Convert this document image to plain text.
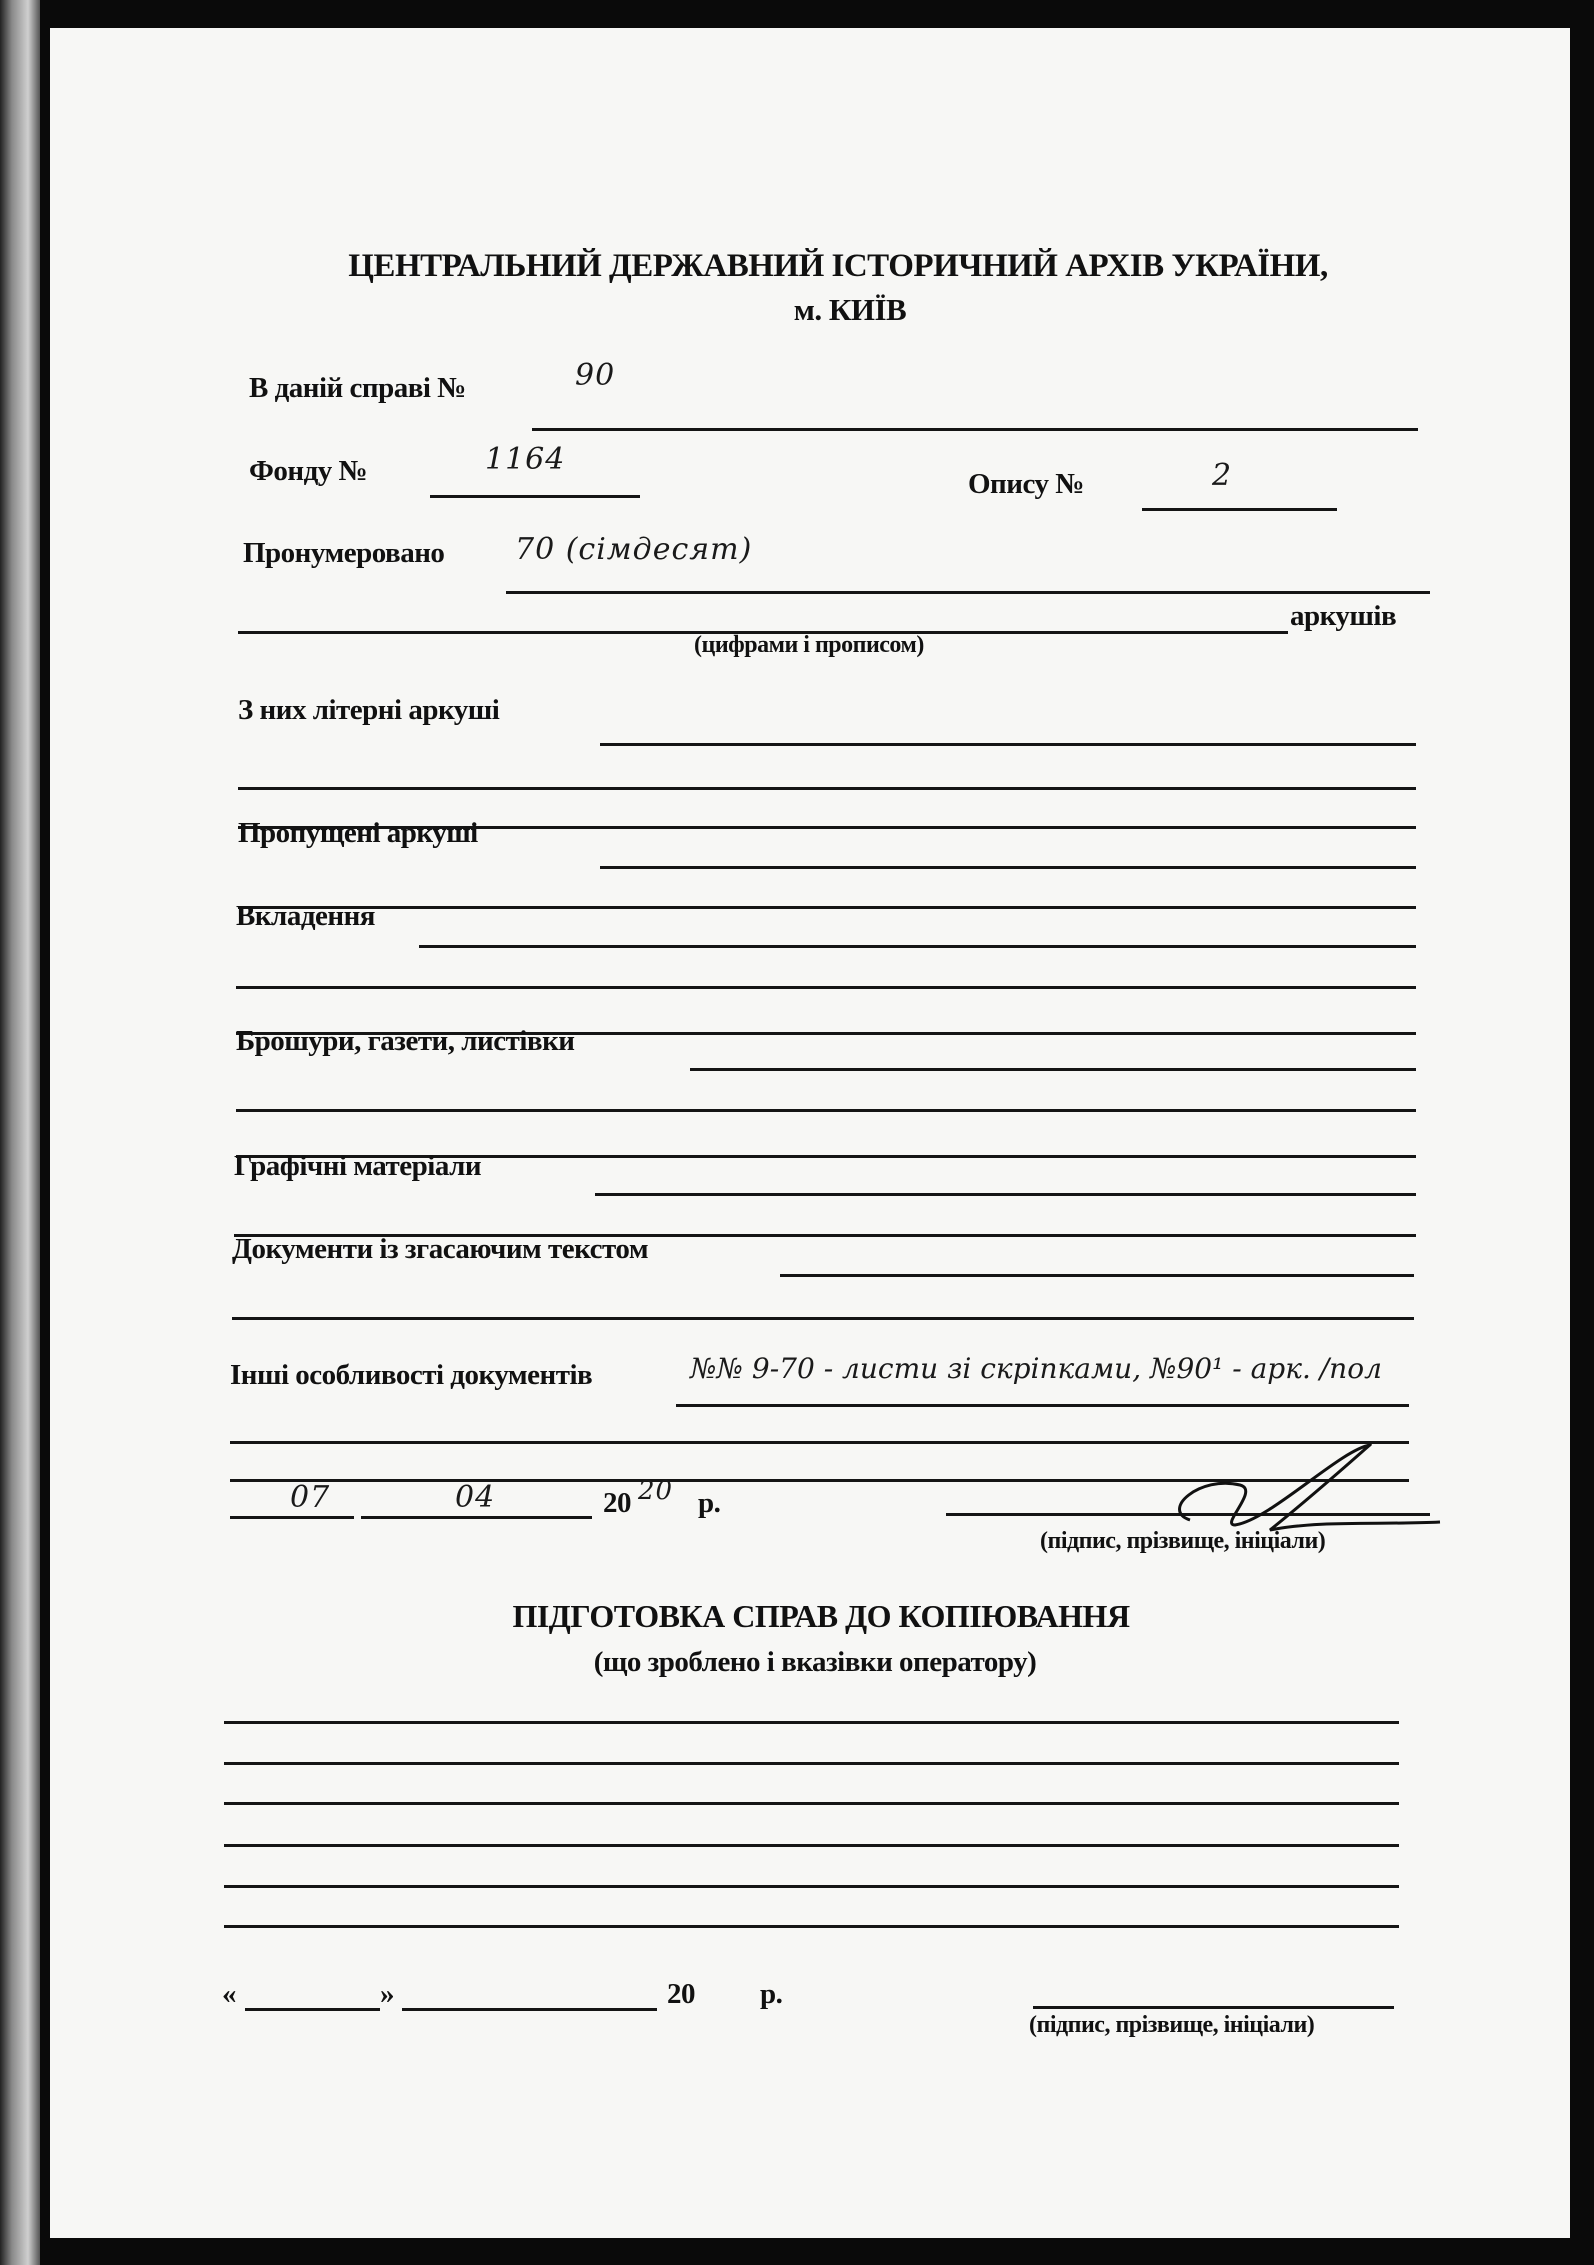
ЦЕНТРАЛЬНИЙ ДЕРЖАВНИЙ ІСТОРИЧНИЙ АРХІВ УКРАЇНИ,
м. КИЇВ
В даній справі №	90
Фонду №	1164
Опису №	2
Пронумеровано 70 (сімдесят)
аркушів
(цифрами і прописом)
З них літерні аркуші
Пропущені аркуші
Вкладення
Брошури, газети, листівки
Графічні матеріали
Документи із згасаючим текстом
Інші особливості документів	№№ 9-70 - листи зі скріпками, №90¹ - арк. /пол
07	04	20 20 р.
(підпис, прізвище, ініціали)
ПІДГОТОВКА СПРАВ ДО КОПІЮВАННЯ
(що зроблено і вказівки оператору)
«	»	20 р.
(підпис, прізвище, ініціали)
